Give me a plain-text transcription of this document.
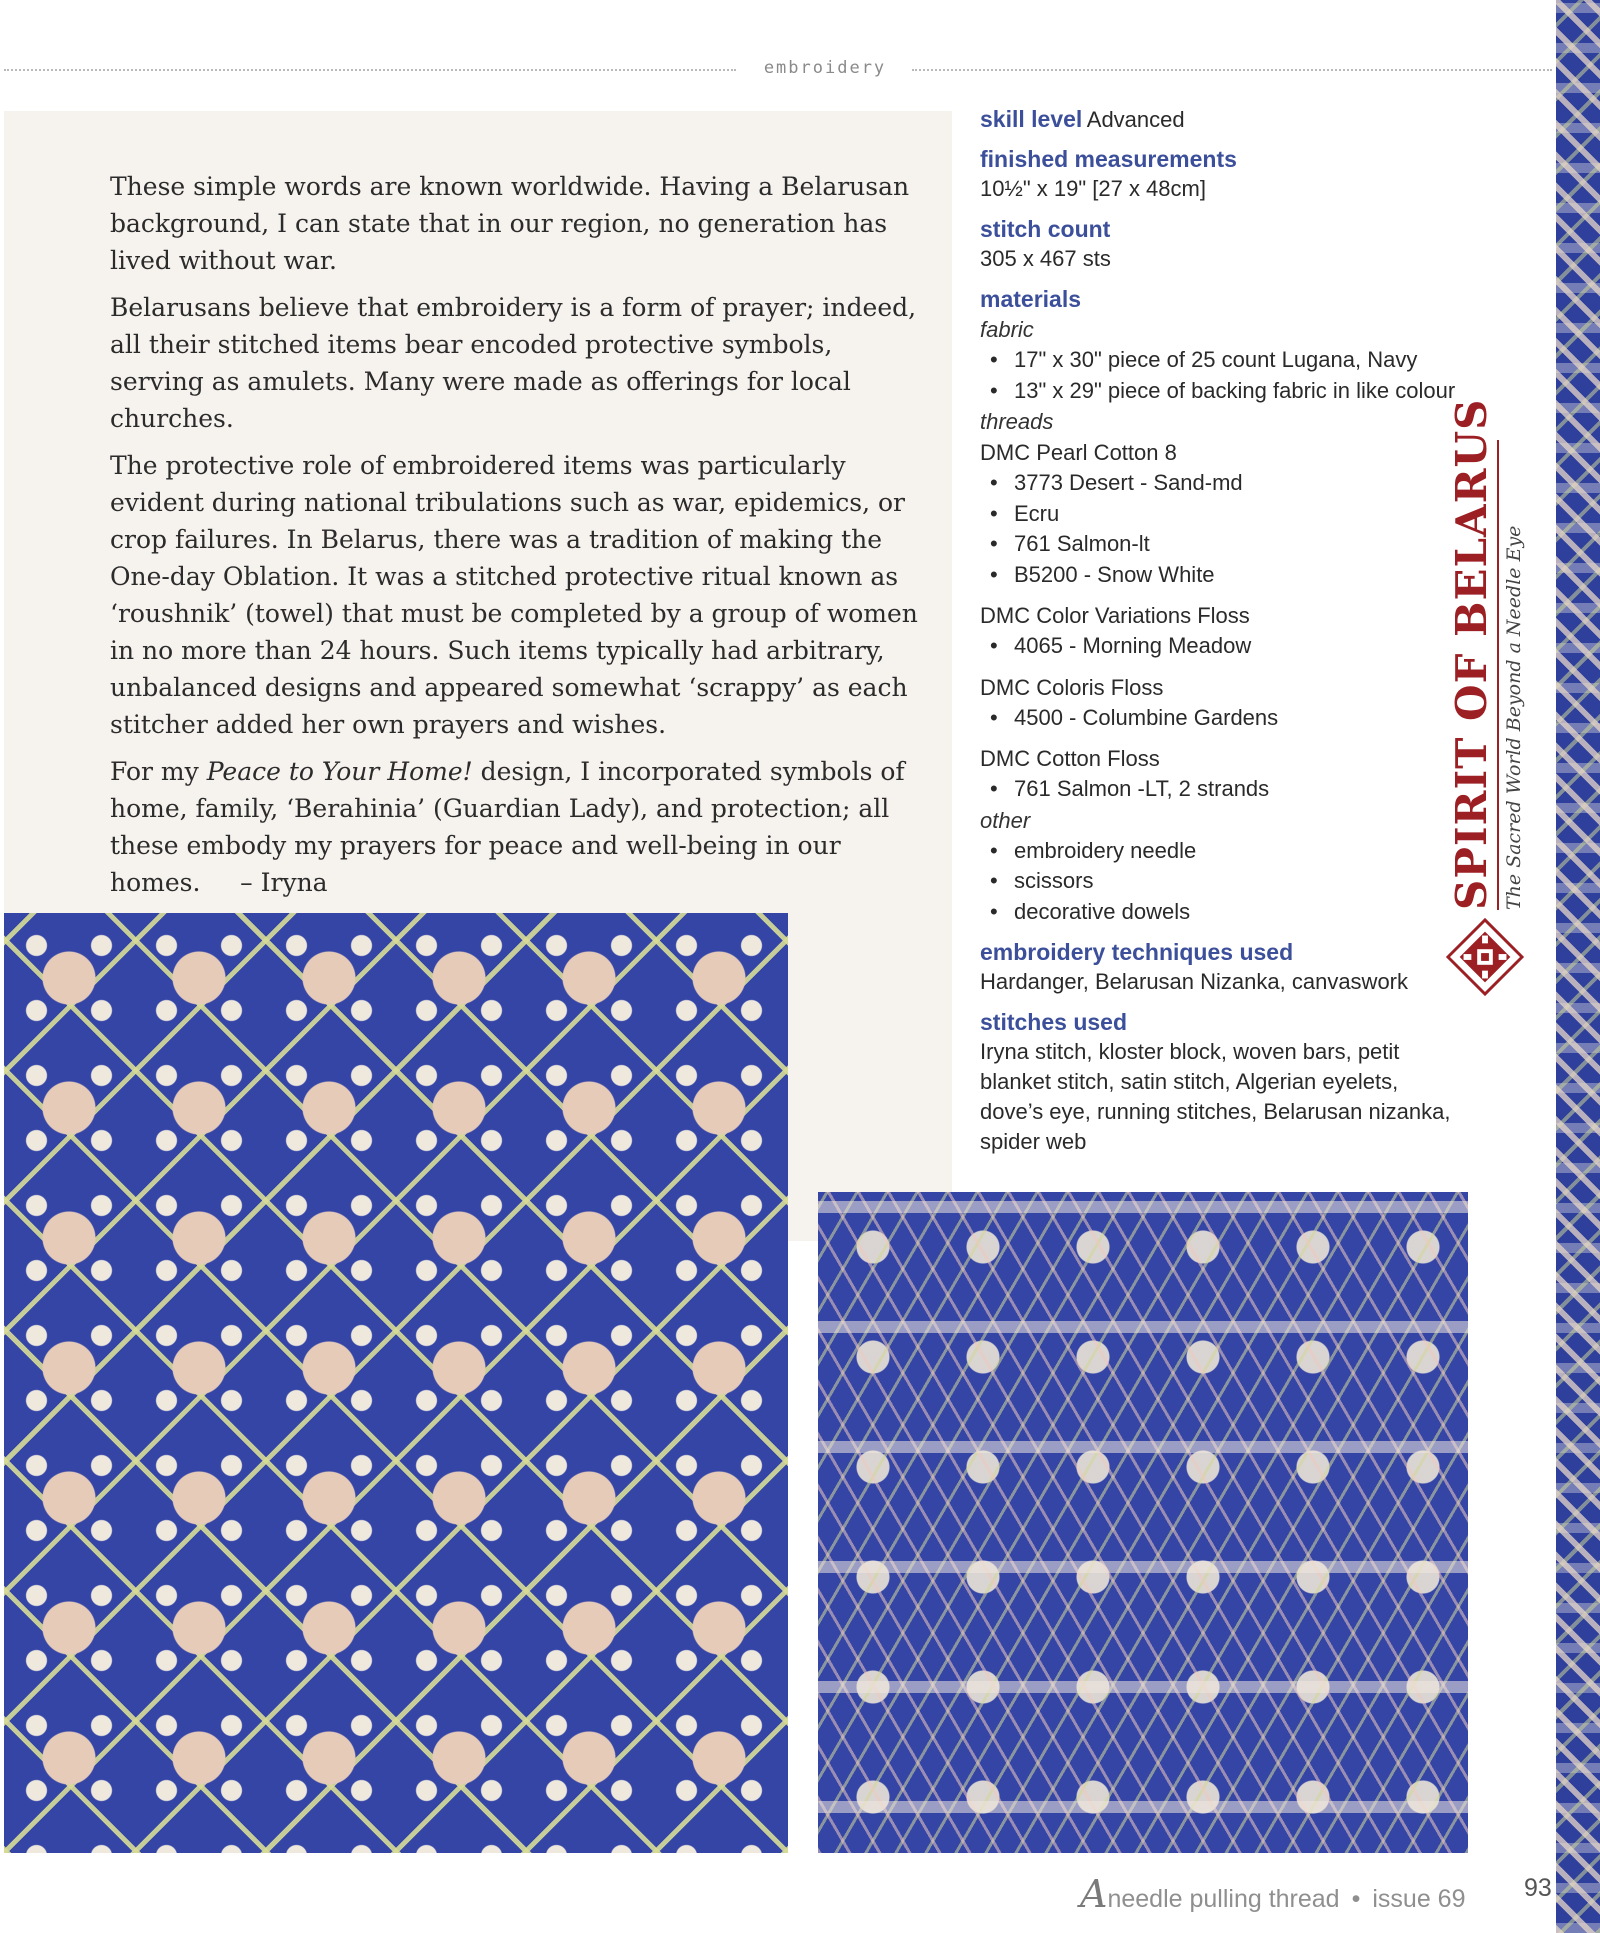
embroidery

These simple words are known worldwide. Having a Belarusan background, I can state that in our region, no generation has lived without war.

Belarusans believe that embroidery is a form of prayer; indeed, all their stitched items bear encoded protective symbols, serving as amulets. Many were made as offerings for local churches.

The protective role of embroidered items was particularly evident during national tribulations such as war, epidemics, or crop failures. In Belarus, there was a tradition of making the One-day Oblation. It was a stitched protective ritual known as ‘roushnik’ (towel) that must be completed by a group of women in no more than 24 hours. Such items typically had arbitrary, unbalanced designs and appeared somewhat ‘scrappy’ as each stitcher added her own prayers and wishes.

For my Peace to Your Home! design, I incorporated symbols of home, family, ‘Berahinia’ (Guardian Lady), and protection; all these embody my prayers for peace and well-being in our homes. – Iryna

skill level Advanced
finished measurements
10½" x 19" [27 x 48cm]
stitch count
305 x 467 sts
materials
fabric
• 17" x 30" piece of 25 count Lugana, Navy
• 13" x 29" piece of backing fabric in like colour
threads
DMC Pearl Cotton 8
• 3773 Desert - Sand-md
• Ecru
• 761 Salmon-lt
• B5200 - Snow White
DMC Color Variations Floss
• 4065 - Morning Meadow
DMC Coloris Floss
• 4500 - Columbine Gardens
DMC Cotton Floss
• 761 Salmon -LT, 2 strands
other
• embroidery needle
• scissors
• decorative dowels
embroidery techniques used
Hardanger, Belarusan Nizanka, canvaswork
stitches used
Iryna stitch, kloster block, woven bars, petit blanket stitch, satin stitch, Algerian eyelets, dove’s eye, running stitches, Belarusan nizanka, spider web
SPIRIT OF BELARUS The Sacred World Beyond a Needle Eye
Aneedle pulling thread • issue 69	93
